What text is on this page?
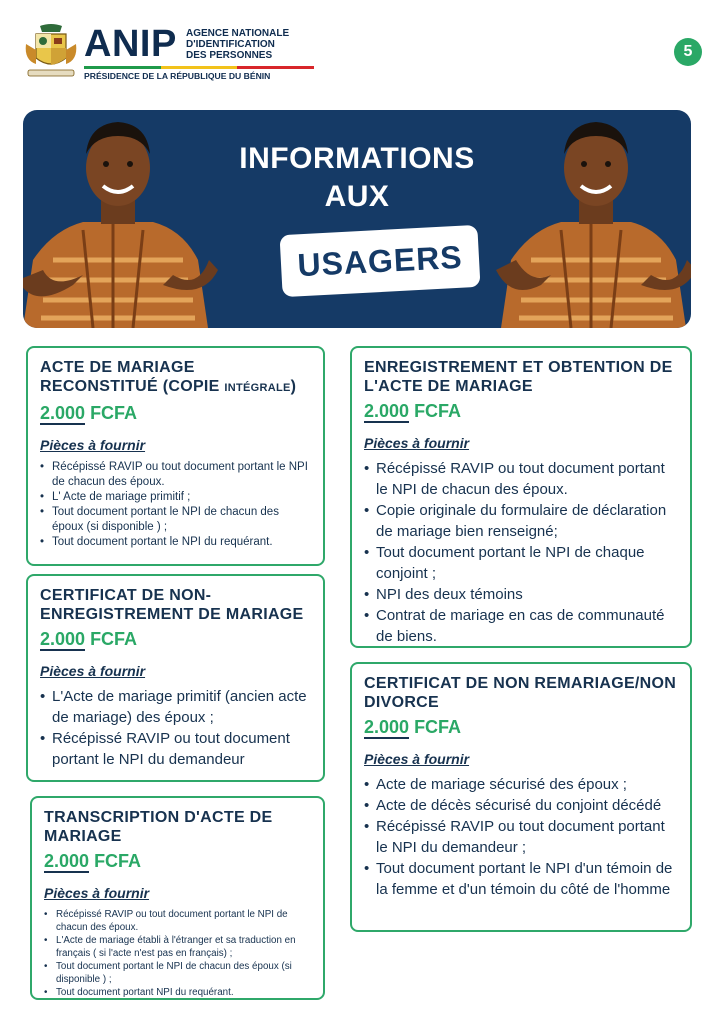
ANIP AGENCE NATIONALE
D'IDENTIFICATION
DES PERSONNES
PRÉSIDENCE DE LA RÉPUBLIQUE DU BÉNIN
5
INFORMATIONS
AUX
USAGERS
ACTE DE MARIAGE RECONSTITUÉ (COPIE INTÉGRALE)
2.000 FCFA
Pièces à fournir
• Récépissé RAVIP ou tout document portant le NPI de chacun des époux.
• L' Acte de mariage primitif ;
• Tout document portant le NPI de chacun des époux (si disponible ) ;
• Tout document portant le NPI du requérant.
ENREGISTREMENT ET OBTENTION DE L'ACTE DE MARIAGE
2.000 FCFA
Pièces à fournir
• Récépissé RAVIP ou tout document portant le NPI de chacun des époux.
• Copie originale du formulaire de déclaration de mariage bien renseigné;
• Tout document portant le NPI de chaque conjoint ;
• NPI des deux témoins
• Contrat de mariage en cas de communauté de biens.
CERTIFICAT DE NON-ENREGISTREMENT DE MARIAGE
2.000 FCFA
Pièces à fournir
• L'Acte de mariage primitif (ancien acte de mariage) des époux ;
• Récépissé RAVIP ou tout document portant le NPI du demandeur
CERTIFICAT DE NON REMARIAGE/NON DIVORCE
2.000 FCFA
Pièces à fournir
• Acte de mariage sécurisé des époux ;
• Acte de décès sécurisé du conjoint décédé
• Récépissé RAVIP ou tout document portant le NPI du demandeur ;
• Tout document portant le NPI d'un témoin de la femme et d'un témoin du côté de l'homme
TRANSCRIPTION D'ACTE DE MARIAGE
2.000 FCFA
Pièces à fournir
• Récépissé RAVIP ou tout document portant le NPI de chacun des époux.
• L'Acte de mariage établi à l'étranger et sa traduction en français ( si l'acte n'est pas en français) ;
• Tout document portant le NPI de chacun des époux (si disponible ) ;
• Tout document portant NPI du requérant.
